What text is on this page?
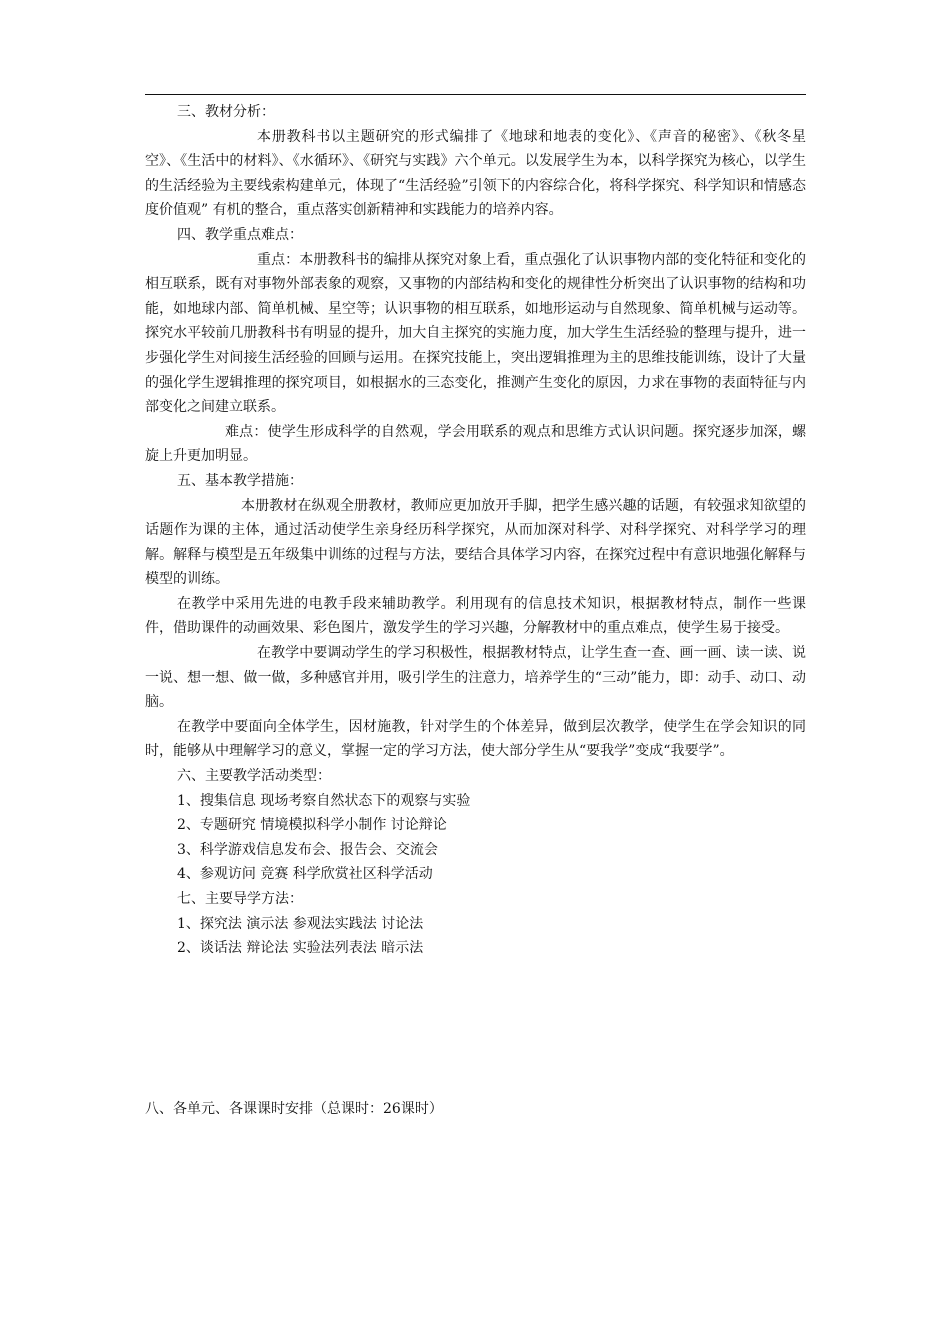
三、教材分析：

本册教科书以主题研究的形式编排了《地球和地表的变化》、《声音的秘密》、《秋冬星空》、《生活中的材料》、《水循环》、《研究与实践》六个单元。以发展学生为本，以科学探究为核心，以学生的生活经验为主要线索构建单元，体现了“生活经验”引领下的内容综合化，将科学探究、科学知识和情感态度价值观” 有机的整合，重点落实创新精神和实践能力的培养内容。

四、教学重点难点：

重点：本册教科书的编排从探究对象上看，重点强化了认识事物内部的变化特征和变化的相互联系，既有对事物外部表象的观察，又事物的内部结构和变化的规律性分析突出了认识事物的结构和功能，如地球内部、简单机械、星空等；认识事物的相互联系，如地形运动与自然现象、简单机械与运动等。探究水平较前几册教科书有明显的提升，加大自主探究的实施力度，加大学生生活经验的整理与提升，进一步强化学生对间接生活经验的回顾与运用。在探究技能上，突出逻辑推理为主的思维技能训练，设计了大量的强化学生逻辑推理的探究项目，如根据水的三态变化，推测产生变化的原因，力求在事物的表面特征与内部变化之间建立联系。

难点：使学生形成科学的自然观，学会用联系的观点和思维方式认识问题。探究逐步加深，螺旋上升更加明显。

五、基本教学措施：

本册教材在纵观全册教材，教师应更加放开手脚，把学生感兴趣的话题，有较强求知欲望的话题作为课的主体，通过活动使学生亲身经历科学探究，从而加深对科学、对科学探究、对科学学习的理解。解释与模型是五年级集中训练的过程与方法，要结合具体学习内容，在探究过程中有意识地强化解释与模型的训练。

在教学中采用先进的电教手段来辅助教学。利用现有的信息技术知识，根据教材特点，制作一些课件，借助课件的动画效果、彩色图片，激发学生的学习兴趣，分解教材中的重点难点，使学生易于接受。

在教学中要调动学生的学习积极性，根据教材特点，让学生查一查、画一画、读一读、说一说、想一想、做一做，多种感官并用，吸引学生的注意力，培养学生的“三动”能力，即：动手、动口、动脑。

在教学中要面向全体学生，因材施教，针对学生的个体差异，做到层次教学，使学生在学会知识的同时，能够从中理解学习的意义，掌握一定的学习方法，使大部分学生从“要我学”变成“我要学”。

六、主要教学活动类型：

1、搜集信息 现场考察自然状态下的观察与实验

2、专题研究 情境模拟科学小制作 讨论辩论

3、科学游戏信息发布会、报告会、交流会

4、参观访问 竞赛 科学欣赏社区科学活动

七、主要导学方法：

1、探究法 演示法 参观法实践法 讨论法

2、谈话法 辩论法 实验法列表法 暗示法

八、各单元、各课课时安排（总课时：26课时）
